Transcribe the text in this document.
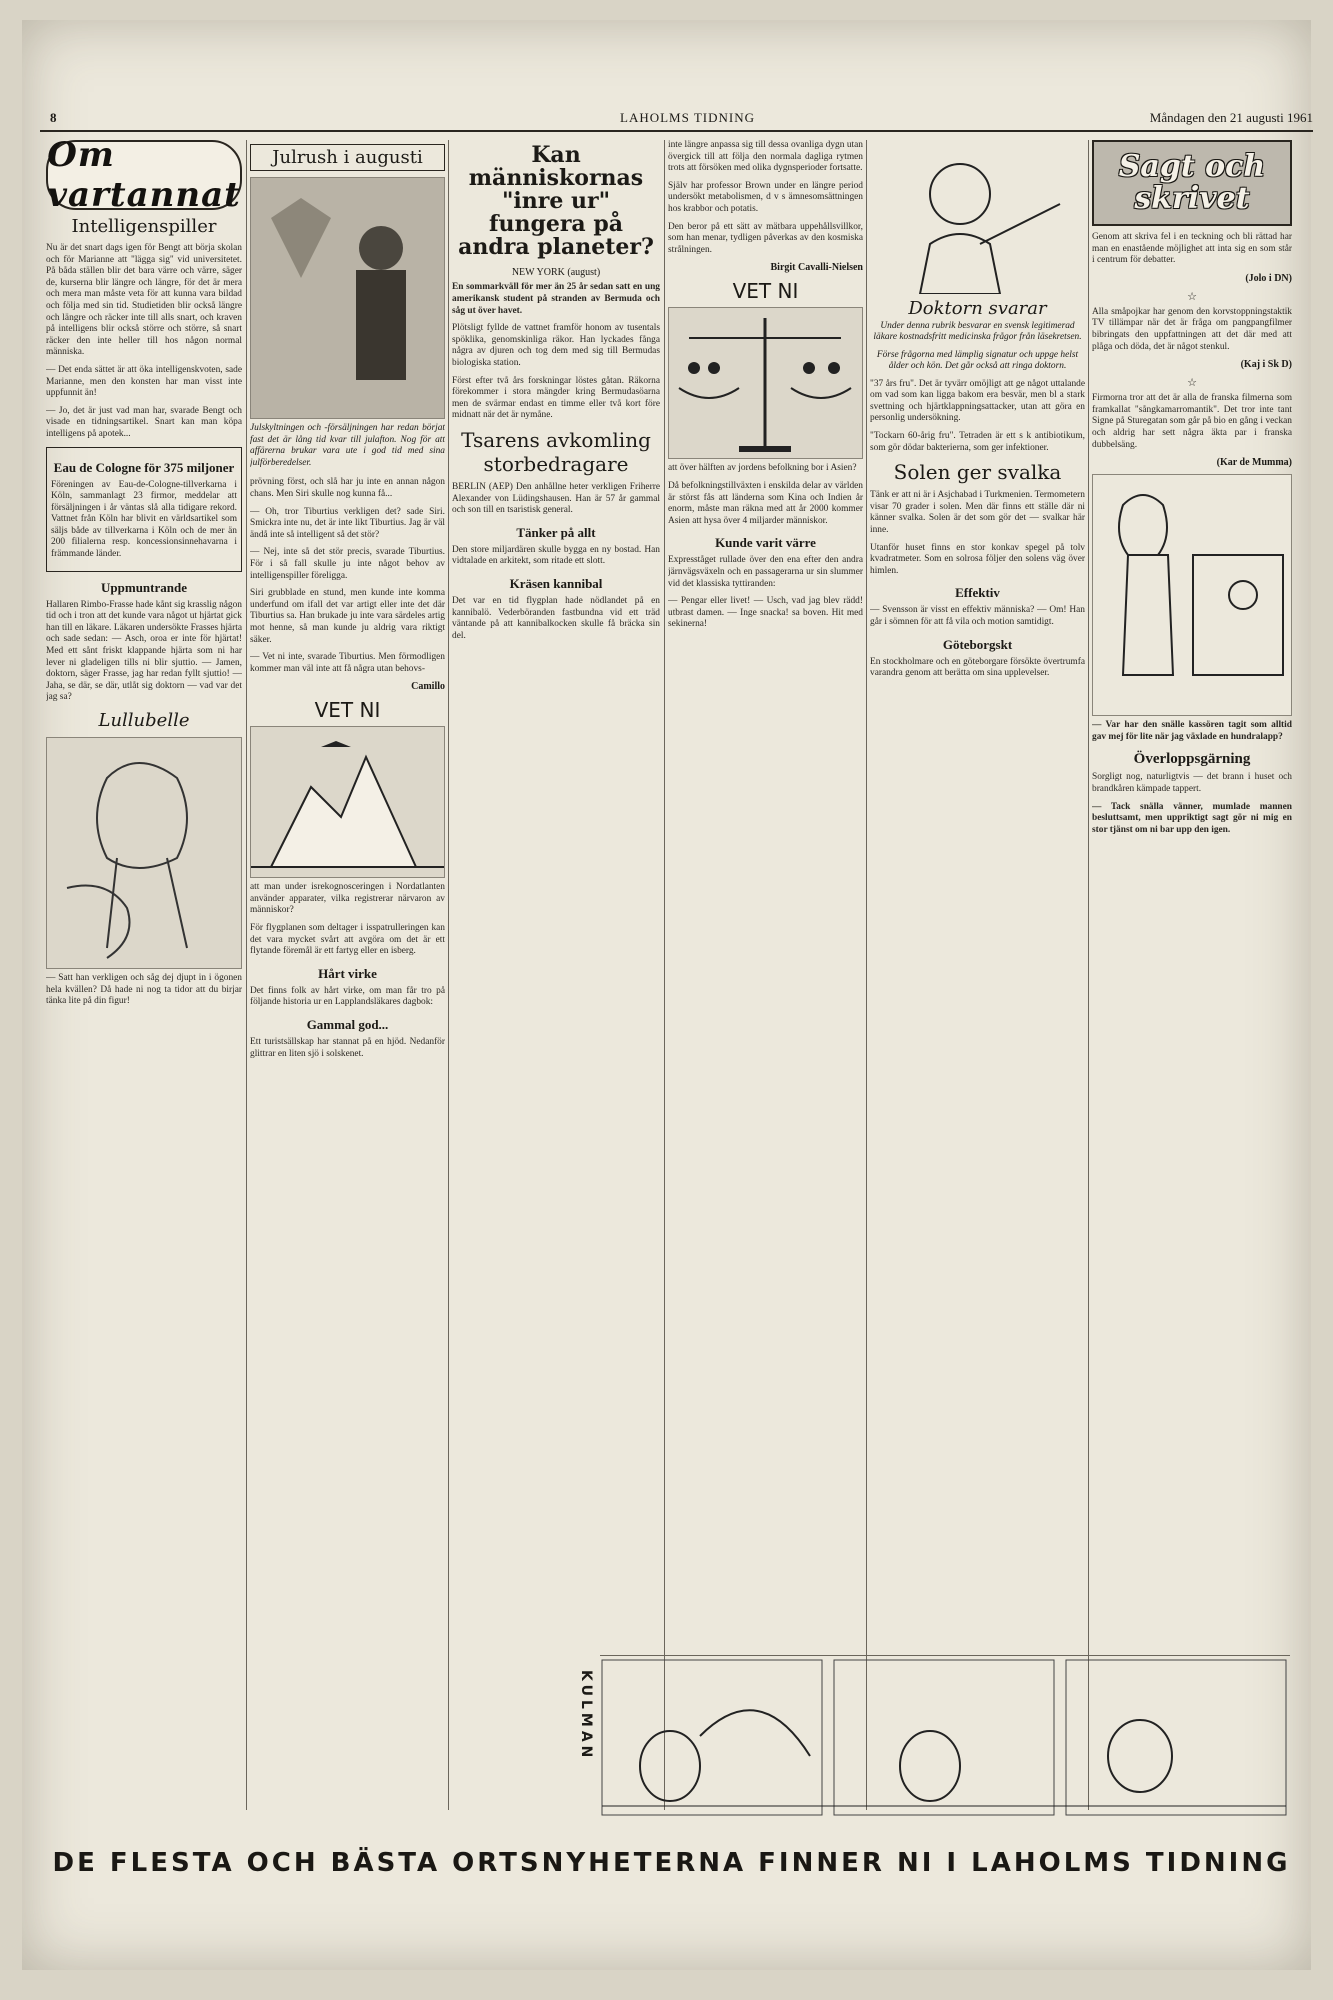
8	LAHOLMS TIDNING	Måndagen den 21 augusti 1961
Om vartannat
Intelligenspiller

Nu är det snart dags igen för Bengt att börja skolan och för Marianne att "lägga sig" vid universitetet. På båda ställen blir det bara värre och värre, säger de, kurserna blir längre och längre, för det är mera och mera man måste veta för att kunna vara bildad och följa med sin tid. Studietiden blir också längre och längre och räcker inte till alls snart, och kraven på intelligens blir också större och större, så snart räcker den inte heller till hos någon normal människa.

— Det enda sättet är att öka intelligenskvoten, sade Marianne, men den konsten har man visst inte uppfunnit än!

— Jo, det är just vad man har, svarade Bengt och visade en tidningsartikel. Snart kan man köpa intelligens på apotek...

Eau de Cologne för 375 miljoner

Föreningen av Eau-de-Cologne-tillverkarna i Köln, sammanlagt 23 firmor, meddelar att försäljningen i år väntas slå alla tidigare rekord. Vattnet från Köln har blivit en världsartikel som säljs både av tillverkarna i Köln och de mer än 200 filialerna resp. koncessionsinnehavarna i främmande länder.

Uppmuntrande

Hallaren Rimbo-Frasse hade kånt sig krasslig någon tid och i tron att det kunde vara något ut hjärtat gick han till en läkare. Läkaren undersökte Frasses hjärta och sade sedan: — Asch, oroa er inte för hjärtat! Med ett sånt friskt klappande hjärta som ni har lever ni gladeligen tills ni blir sjuttio. — Jamen, doktorn, säger Frasse, jag har redan fyllt sjuttio! — Jaha, se där, se där, utlåt sig doktorn — vad var det jag sa?

Lullubelle

— Satt han verkligen och såg dej djupt in i ögonen hela kvällen? Då hade ni nog ta tidor att du birjar tänka lite på din figur!

Julrush i augusti

Julskyltningen och -försäljningen har redan börjat fast det är lång tid kvar till julafton. Nog för att affärerna brukar vara ute i god tid med sina julförberedelser.

prövning först, och slå har ju inte en annan någon chans. Men Siri skulle nog kunna få...

— Oh, tror Tiburtius verkligen det? sade Siri. Smickra inte nu, det är inte likt Tiburtius. Jag är väl ändå inte så intelligent så det stör?

— Nej, inte så det stör precis, svarade Tiburtius. För i så fall skulle ju inte något behov av intelligenspiller föreligga.

Siri grubblade en stund, men kunde inte komma underfund om ifall det var artigt eller inte det där Tiburtius sa. Han brukade ju inte vara särdeles artig mot henne, så man kunde ju aldrig vara riktigt säker.

— Vet ni inte, svarade Tiburtius. Men förmodligen kommer man väl inte att få några utan behovs-

Camillo
VET NI

att man under isrekognosceringen i Nordatlanten använder apparater, vilka registrerar närvaron av människor?

För flygplanen som deltager i isspatrulleringen kan det vara mycket svårt att avgöra om det är ett flytande föremål är ett fartyg eller en isberg.

Hårt virke

Det finns folk av hårt virke, om man får tro på följande historia ur en Lapplandsläkares dagbok:

Gammal god...

Ett turistsällskap har stannat på en hjöd. Nedanför glittrar en liten sjö i solskenet.

Kan människornas "inre ur" fungera på andra planeter?
NEW YORK (august)

En sommarkväll för mer än 25 år sedan satt en ung amerikansk student på stranden av Bermuda och såg ut över havet.

Plötsligt fyllde de vattnet framför honom av tusentals spöklika, genomskinliga räkor. Han lyckades fånga några av djuren och tog dem med sig till Bermudas biologiska station.

Först efter två års forskningar löstes gåtan. Räkorna förekommer i stora mängder kring Bermudasöarna men de svärmar endast en timme eller två kort före midnatt när det är nymåne.

Tsarens avkomling storbedragare

BERLIN (AEP) Den anhållne heter verkligen Friherre Alexander von Lüdingshausen. Han är 57 år gammal och son till en tsaristisk general.

Tänker på allt

Den store miljardären skulle bygga en ny bostad. Han vidtalade en arkitekt, som ritade ett slott.

Kräsen kannibal

Det var en tid flygplan hade nödlandet på en kannibalö. Vederböranden fastbundna vid ett träd väntande på att kannibalkocken skulle få bräcka sin del.

inte längre anpassa sig till dessa ovanliga dygn utan övergick till att följa den normala dagliga rytmen trots att försöken med olika dygnsperioder fortsatte.

Själv har professor Brown under en längre period undersökt metabolismen, d v s ämnesomsättningen hos krabbor och potatis.

Den beror på ett sätt av mätbara uppehållsvillkor, som han menar, tydligen påverkas av den kosmiska strålningen.

Birgit Cavalli-Nielsen
VET NI

att över hälften av jordens befolkning bor i Asien?

Då befolkningstillväxten i enskilda delar av världen är störst fås att länderna som Kina och Indien år enorm, måste man räkna med att år 2000 kommer Asien att hysa över 4 miljarder människor.

Kunde varit värre

Expresståget rullade över den ena efter den andra järnvägsväxeln och en passagerarna ur sin slummer vid det klassiska tyttiranden:

— Pengar eller livet! — Usch, vad jag blev rädd! utbrast damen. — Inge snacka! sa boven. Hit med sekinerna!

Doktorn svarar

Under denna rubrik besvarar en svensk legitimerad läkare kostnadsfritt medicinska frågor från läsekretsen.

Förse frågorna med lämplig signatur och uppge helst ålder och kön. Det går också att ringa doktorn.

"37 års fru". Det är tyvärr omöjligt att ge något uttalande om vad som kan ligga bakom era besvär, men bl a stark svettning och hjärtklappningsattacker, utan att göra en personlig undersökning.

"Tockarn 60-årig fru". Tetraden är ett s k antibiotikum, som gör dödar bakterierna, som ger infektioner.

Solen ger svalka

Tänk er att ni är i Asjchabad i Turkmenien. Termometern visar 70 grader i solen. Men där finns ett ställe där ni känner svalka. Solen är det som gör det — svalkar här inne.

Utanför huset finns en stor konkav spegel på tolv kvadratmeter. Som en solrosa följer den solens väg över himlen.

Effektiv

— Svensson är visst en effektiv människa? — Om! Han går i sömnen för att få vila och motion samtidigt.

Göteborgskt

En stockholmare och en göteborgare försökte övertrumfa varandra genom att berätta om sina upplevelser.

Sagt och skrivet

Genom att skriva fel i en teckning och bli rättad har man en enastående möjlighet att inta sig en som står i centrum för debatter.

(Jolo i DN)
☆

Alla småpojkar har genom den korvstoppningstaktik TV tillämpar när det är fråga om pangpangfilmer bibringats den uppfattningen att det där med att plåga och döda, det är något stenkul.

(Kaj i Sk D)
☆

Firmorna tror att det är alla de franska filmerna som framkallat "sångkamarromantik". Det tror inte tant Signe på Sturegatan som går på bio en gång i veckan och aldrig har sett några äkta par i franska dubbelsäng.

(Kar de Mumma)

— Var har den snälle kassören tagit som alltid gav mej för lite när jag växlade en hundralapp?

Överloppsgärning

Sorgligt nog, naturligtvis — det brann i huset och brandkåren kämpade tappert.

— Tack snälla vänner, mumlade mannen besluttsamt, men uppriktigt sagt gör ni mig en stor tjänst om ni bar upp den igen.

KULMAN
DE FLESTA OCH BÄSTA ORTSNYHETERNA FINNER NI I LAHOLMS TIDNING
